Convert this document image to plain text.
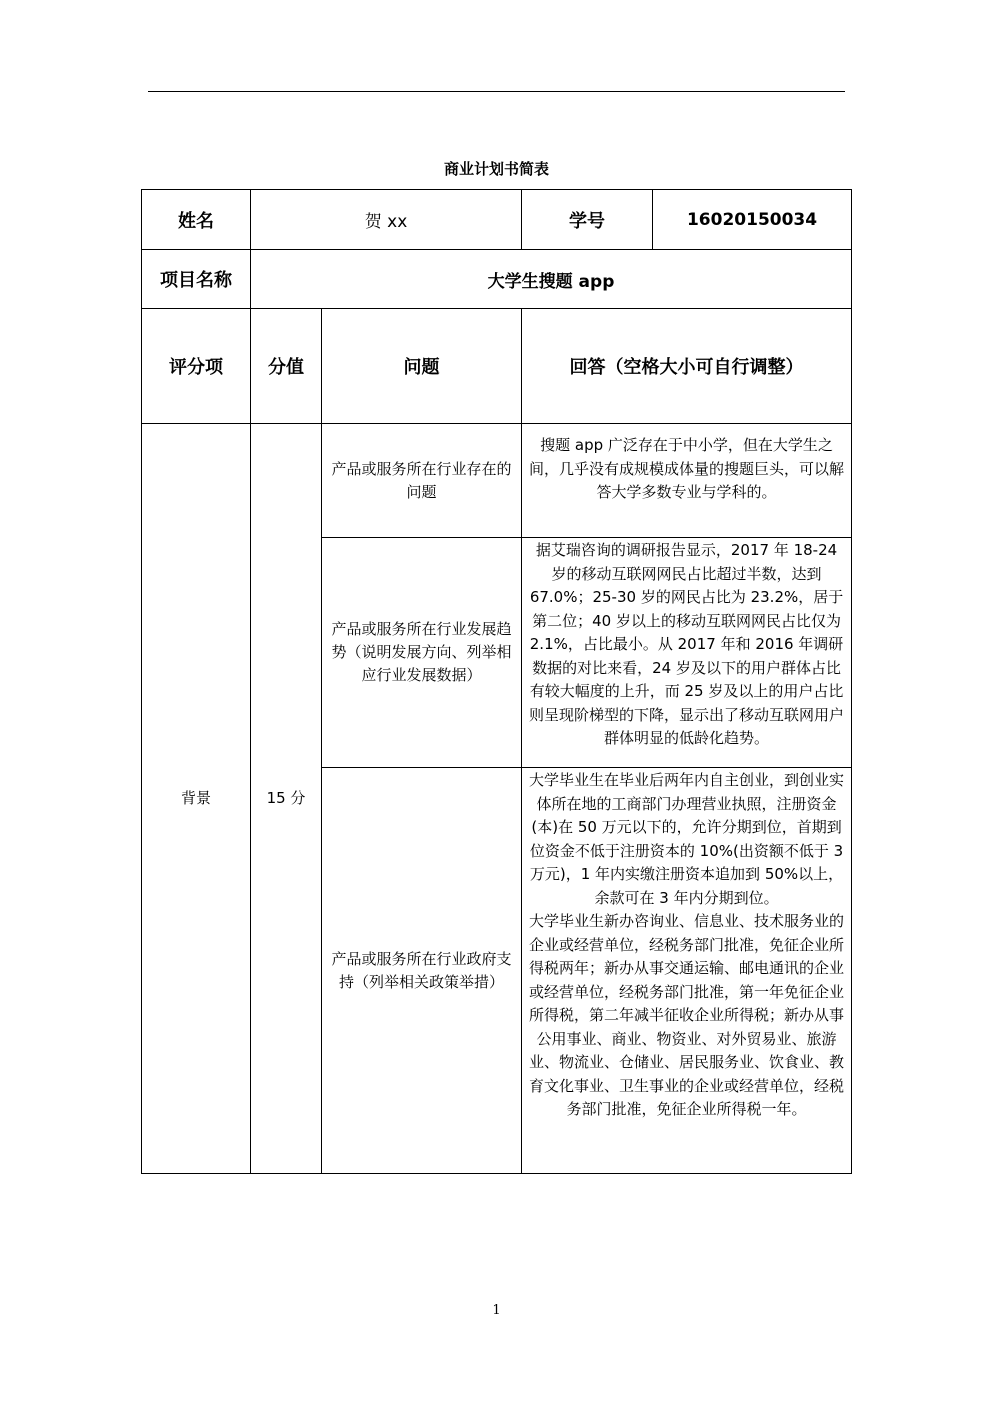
商业计划书简表
姓名	贺 xx		学号	16020150034
项目名称	大学生搜题 app			
评分项	分值	问题	回答（空格大小可自行调整）	
背景	15 分	产品或服务所在行业存在的问题	搜题 app 广泛存在于中小学，但在大学生之间，几乎没有成规模成体量的搜题巨头，可以解答大学多数专业与学科的。	

		产品或服务所在行业发展趋势（说明发展方向、列举相应行业发展数据）	据艾瑞咨询的调研报告显示，2017 年 18-24 岁的移动互联网网民占比超过半数，达到 67.0%；25-30 岁的网民占比为 23.2%，居于第二位；40 岁以上的移动互联网网民占比仅为 2.1%，占比最小。从 2017 年和 2016 年调研数据的对比来看，24 岁及以下的用户群体占比有较大幅度的上升，而 25 岁及以上的用户占比则呈现阶梯型的下降，显示出了移动互联网用户群体明显的低龄化趋势。	

		产品或服务所在行业政府支持（列举相关政策举措）	大学毕业生在毕业后两年内自主创业，到创业实体所在地的工商部门办理营业执照，注册资金(本)在 50 万元以下的，允许分期到位，首期到位资金不低于注册资本的 10%(出资额不低于 3 万元)，1 年内实缴注册资本追加到 50%以上，余款可在 3 年内分期到位。

大学毕业生新办咨询业、信息业、技术服务业的企业或经营单位，经税务部门批准，免征企业所得税两年；新办从事交通运输、邮电通讯的企业或经营单位，经税务部门批准，第一年免征企业所得税，第二年减半征收企业所得税；新办从事公用事业、商业、物资业、对外贸易业、旅游业、物流业、仓储业、居民服务业、饮食业、教育文化事业、卫生事业的企业或经营单位，经税务部门批准，免征企业所得税一年。	

1
